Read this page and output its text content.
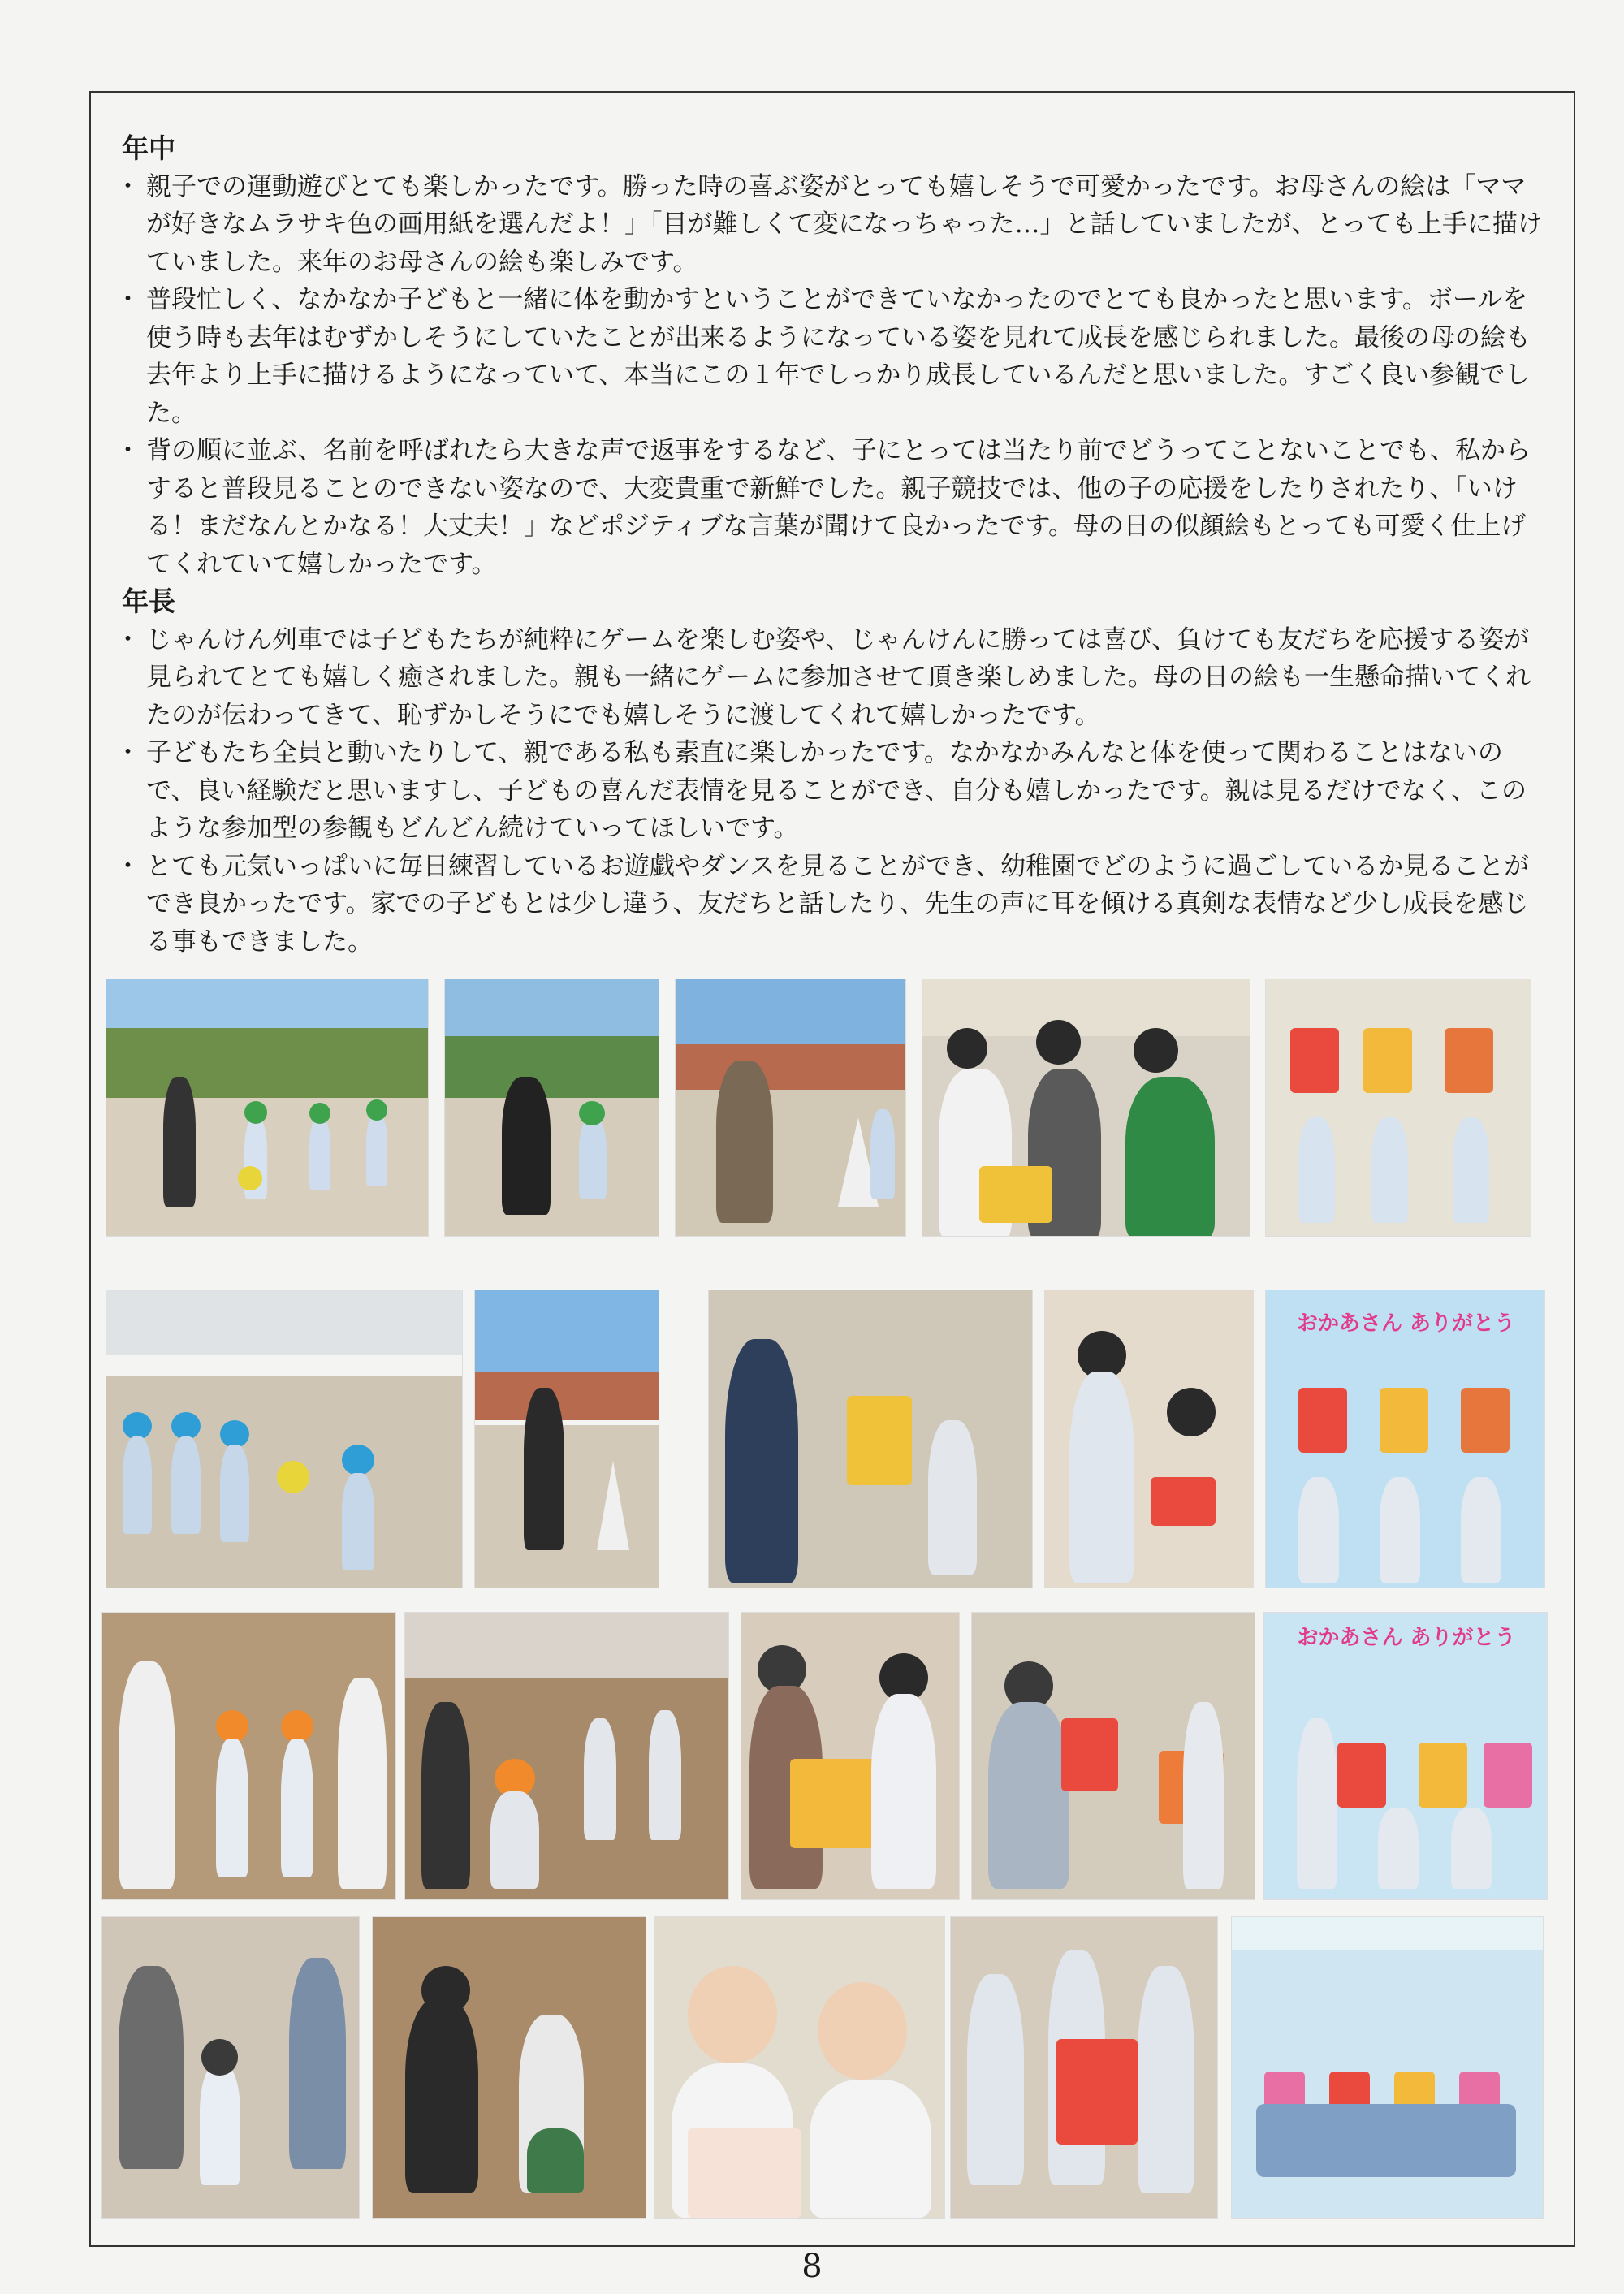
年中

・ 親子での運動遊びとても楽しかったです。勝った時の喜ぶ姿がとっても嬉しそうで可愛かったです。お母さんの絵は「ママが好きなムラサキ色の画用紙を選んだよ！」「目が難しくて変になっちゃった…」と話していましたが、とっても上手に描けていました。来年のお母さんの絵も楽しみです。

・ 普段忙しく、なかなか子どもと一緒に体を動かすということができていなかったのでとても良かったと思います。ボールを使う時も去年はむずかしそうにしていたことが出来るようになっている姿を見れて成長を感じられました。最後の母の絵も去年より上手に描けるようになっていて、本当にこの１年でしっかり成長しているんだと思いました。すごく良い参観でした。

・ 背の順に並ぶ、名前を呼ばれたら大きな声で返事をするなど、子にとっては当たり前でどうってことないことでも、私からすると普段見ることのできない姿なので、大変貴重で新鮮でした。親子競技では、他の子の応援をしたりされたり、「いける！まだなんとかなる！大丈夫！」などポジティブな言葉が聞けて良かったです。母の日の似顔絵もとっても可愛く仕上げてくれていて嬉しかったです。

年長

・ じゃんけん列車では子どもたちが純粋にゲームを楽しむ姿や、じゃんけんに勝っては喜び、負けても友だちを応援する姿が見られてとても嬉しく癒されました。親も一緒にゲームに参加させて頂き楽しめました。母の日の絵も一生懸命描いてくれたのが伝わってきて、恥ずかしそうにでも嬉しそうに渡してくれて嬉しかったです。

・ 子どもたち全員と動いたりして、親である私も素直に楽しかったです。なかなかみんなと体を使って関わることはないので、良い経験だと思いますし、子どもの喜んだ表情を見ることができ、自分も嬉しかったです。親は見るだけでなく、このような参加型の参観もどんどん続けていってほしいです。

・ とても元気いっぱいに毎日練習しているお遊戯やダンスを見ることができ、幼稚園でどのように過ごしているか見ることができ良かったです。家での子どもとは少し違う、友だちと話したり、先生の声に耳を傾ける真剣な表情など少し成長を感じる事もできました。

おかあさん ありがとう
おかあさん ありがとう
8
